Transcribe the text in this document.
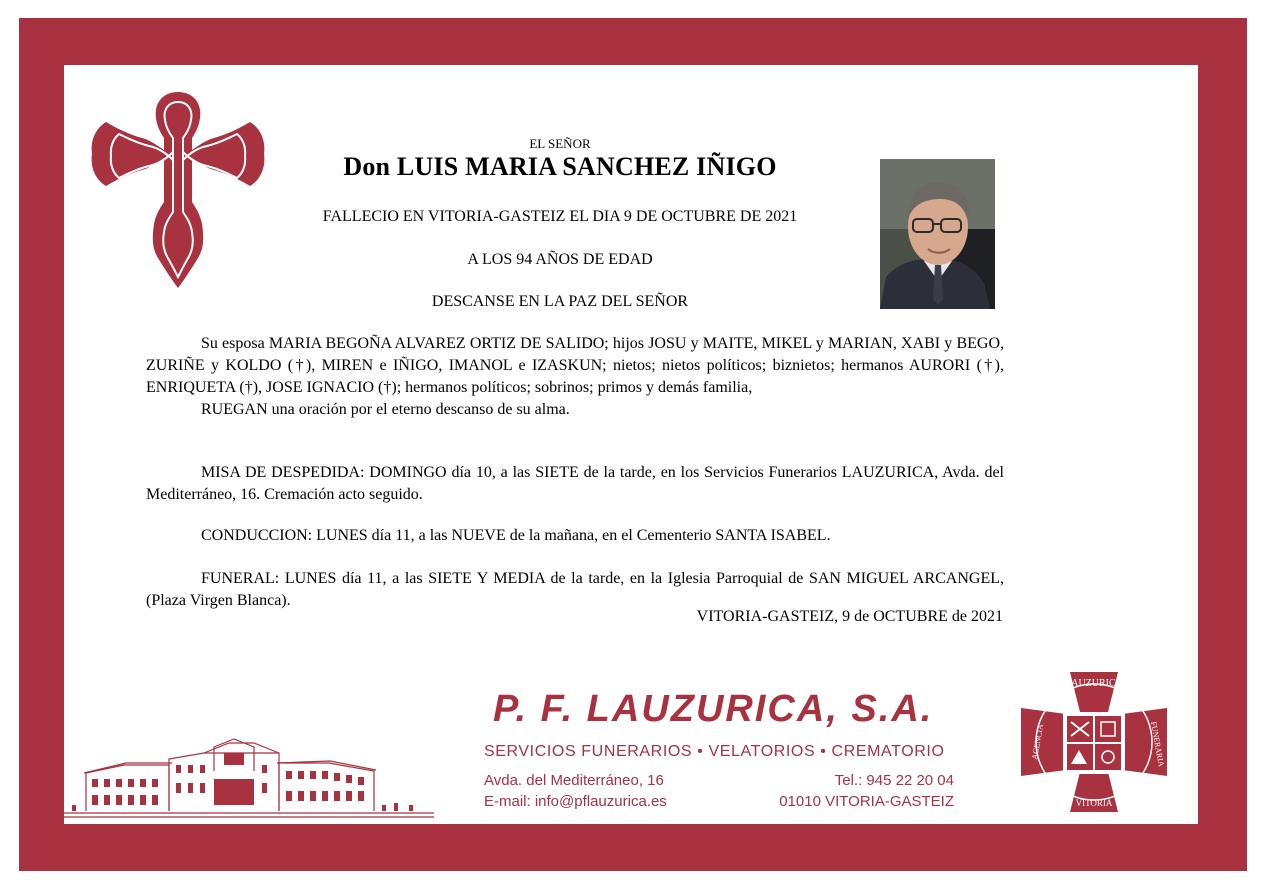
EL SEÑOR
Don LUIS MARIA SANCHEZ IÑIGO
FALLECIO EN VITORIA-GASTEIZ EL DIA 9 DE OCTUBRE DE 2021
A LOS 94 AÑOS DE EDAD
DESCANSE EN LA PAZ DEL SEÑOR

Su esposa MARIA BEGOÑA ALVAREZ ORTIZ DE SALIDO; hijos JOSU y MAITE, MIKEL y MARIAN, XABI y BEGO, ZURIÑE y KOLDO (†), MIREN e IÑIGO, IMANOL e IZASKUN; nietos; nietos políticos; biznietos; hermanos AURORI (†), ENRIQUETA (†), JOSE IGNACIO (†); hermanos políticos; sobrinos; primos y demás familia,

RUEGAN una oración por el eterno descanso de su alma.

MISA DE DESPEDIDA: DOMINGO día 10, a las SIETE de la tarde, en los Servicios Funerarios LAUZURICA, Avda. del Mediterráneo, 16. Cremación acto seguido.

CONDUCCION: LUNES día 11, a las NUEVE de la mañana, en el Cementerio SANTA ISABEL.

FUNERAL: LUNES día 11, a las SIETE Y MEDIA de la tarde, en la Iglesia Parroquial de SAN MIGUEL ARCANGEL, (Plaza Virgen Blanca).

VITORIA-GASTEIZ, 9 de OCTUBRE de 2021
P. F. LAUZURICA, S.A.
SERVICIOS FUNERARIOS • VELATORIOS • CREMATORIO
Avda. del Mediterráneo, 16
E-mail: info@pflauzurica.es
Tel.: 945 22 20 04
01010 VITORIA-GASTEIZ
LAUZURICA
VITORIA
AGENCIA	FUNERARIA
